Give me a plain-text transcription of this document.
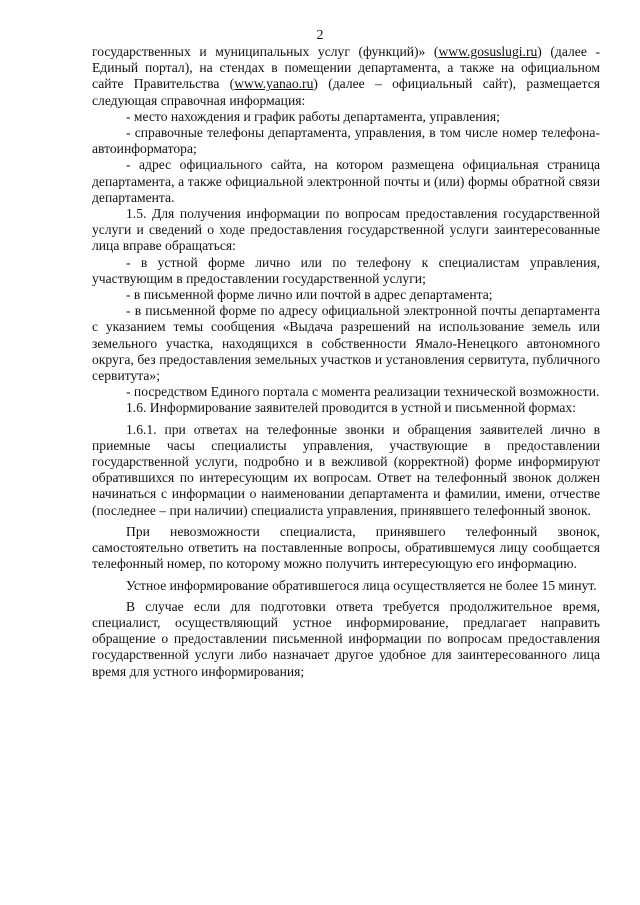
2

государственных и муниципальных услуг (функций)» (www.gosuslugi.ru) (далее - Единый портал), на стендах в помещении департамента, а также на официальном сайте Правительства (www.yanao.ru) (далее – официальный сайт), размещается следующая справочная информация:

- место нахождения и график работы департамента, управления;

- справочные телефоны департамента, управления, в том числе номер телефона-автоинформатора;

- адрес официального сайта, на котором размещена официальная страница департамента, а также официальной электронной почты и (или) формы обратной связи департамента.

1.5. Для получения информации по вопросам предоставления государственной услуги и сведений о ходе предоставления государственной услуги заинтересованные лица вправе обращаться:

- в устной форме лично или по телефону к специалистам управления, участвующим в предоставлении государственной услуги;

- в письменной форме лично или почтой в адрес департамента;

- в письменной форме по адресу официальной электронной почты департамента с указанием темы сообщения «Выдача разрешений на использование земель или земельного участка, находящихся в собственности Ямало-Ненецкого автономного округа, без предоставления земельных участков и установления сервитута, публичного сервитута»;

- посредством Единого портала с момента реализации технической возможности.

1.6. Информирование заявителей проводится в устной и письменной формах:

1.6.1. при ответах на телефонные звонки и обращения заявителей лично в приемные часы специалисты управления, участвующие в предоставлении государственной услуги, подробно и в вежливой (корректной) форме информируют обратившихся по интересующим их вопросам. Ответ на телефонный звонок должен начинаться с информации о наименовании департамента и фамилии, имени, отчестве (последнее – при наличии) специалиста управления, принявшего телефонный звонок.

При невозможности специалиста, принявшего телефонный звонок, самостоятельно ответить на поставленные вопросы, обратившемуся лицу сообщается телефонный номер, по которому можно получить интересующую его информацию.

Устное информирование обратившегося лица осуществляется не более 15 минут.

В случае если для подготовки ответа требуется продолжительное время, специалист, осуществляющий устное информирование, предлагает направить обращение о предоставлении письменной информации по вопросам предоставления государственной услуги либо назначает другое удобное для заинтересованного лица время для устного информирования;
